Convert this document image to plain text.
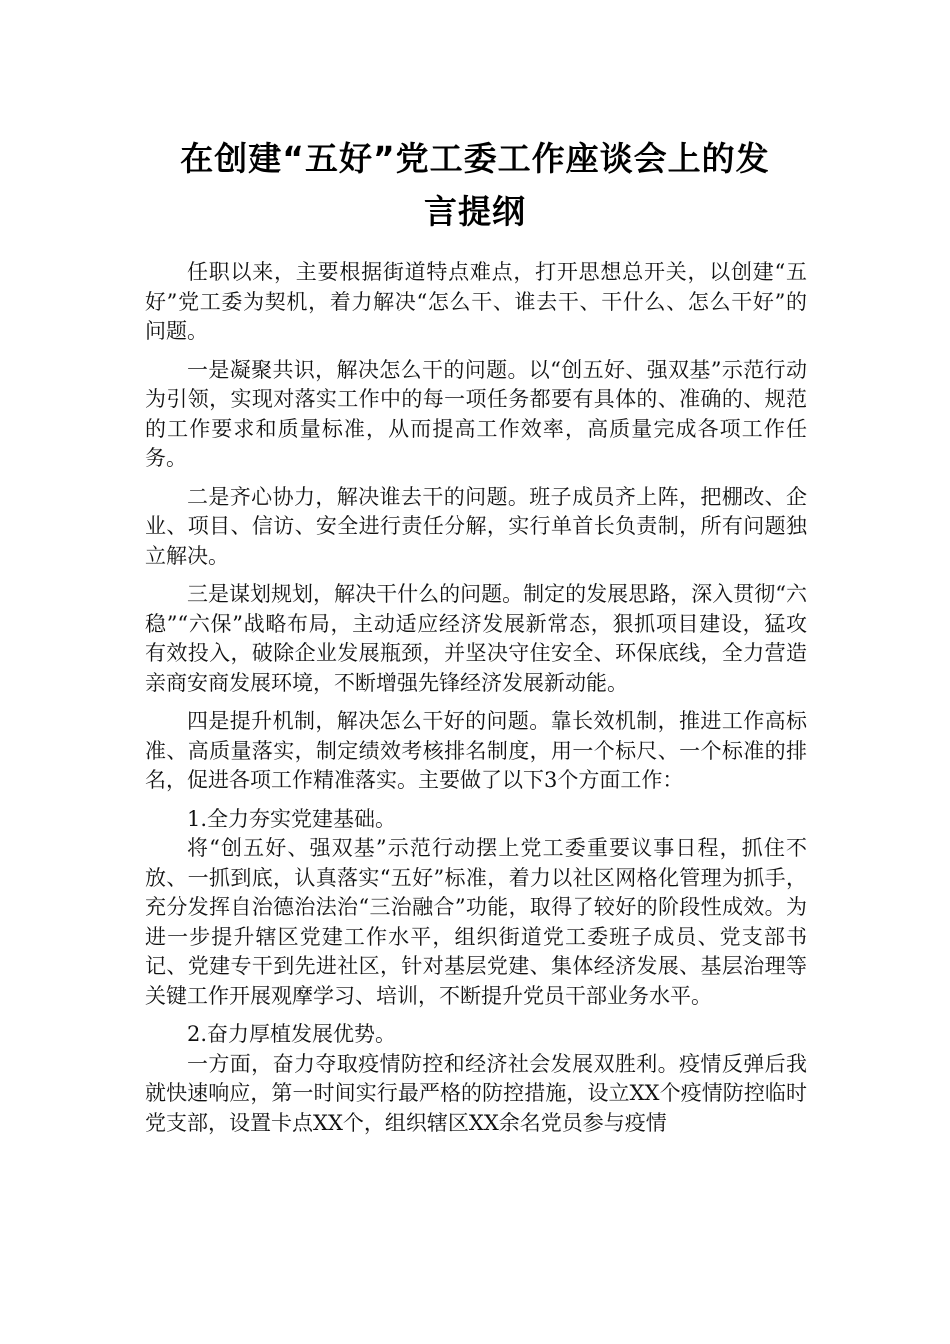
在创建“五好”党工委工作座谈会上的发
言提纲

任职以来，主要根据街道特点难点，打开思想总开关，以创建“五好”党工委为契机，着力解决“怎么干、谁去干、干什么、怎么干好”的问题。

一是凝聚共识，解决怎么干的问题。以“创五好、强双基”示范行动为引领，实现对落实工作中的每一项任务都要有具体的、准确的、规范的工作要求和质量标准，从而提高工作效率，高质量完成各项工作任务。

二是齐心协力，解决谁去干的问题。班子成员齐上阵，把棚改、企业、项目、信访、安全进行责任分解，实行单首长负责制，所有问题独立解决。

三是谋划规划，解决干什么的问题。制定的发展思路，深入贯彻“六稳”“六保”战略布局，主动适应经济发展新常态，狠抓项目建设，猛攻有效投入，破除企业发展瓶颈，并坚决守住安全、环保底线，全力营造亲商安商发展环境，不断增强先锋经济发展新动能。

四是提升机制，解决怎么干好的问题。靠长效机制，推进工作高标准、高质量落实，制定绩效考核排名制度，用一个标尺、一个标准的排名，促进各项工作精准落实。主要做了以下3个方面工作：

1.全力夯实党建基础。

将“创五好、强双基”示范行动摆上党工委重要议事日程，抓住不放、一抓到底，认真落实“五好”标准，着力以社区网格化管理为抓手，充分发挥自治德治法治“三治融合”功能，取得了较好的阶段性成效。为进一步提升辖区党建工作水平，组织街道党工委班子成员、党支部书记、党建专干到先进社区，针对基层党建、集体经济发展、基层治理等关键工作开展观摩学习、培训，不断提升党员干部业务水平。

2.奋力厚植发展优势。

一方面，奋力夺取疫情防控和经济社会发展双胜利。疫情反弹后我就快速响应，第一时间实行最严格的防控措施，设立XX个疫情防控临时党支部，设置卡点XX个，组织辖区XX余名党员参与疫情
